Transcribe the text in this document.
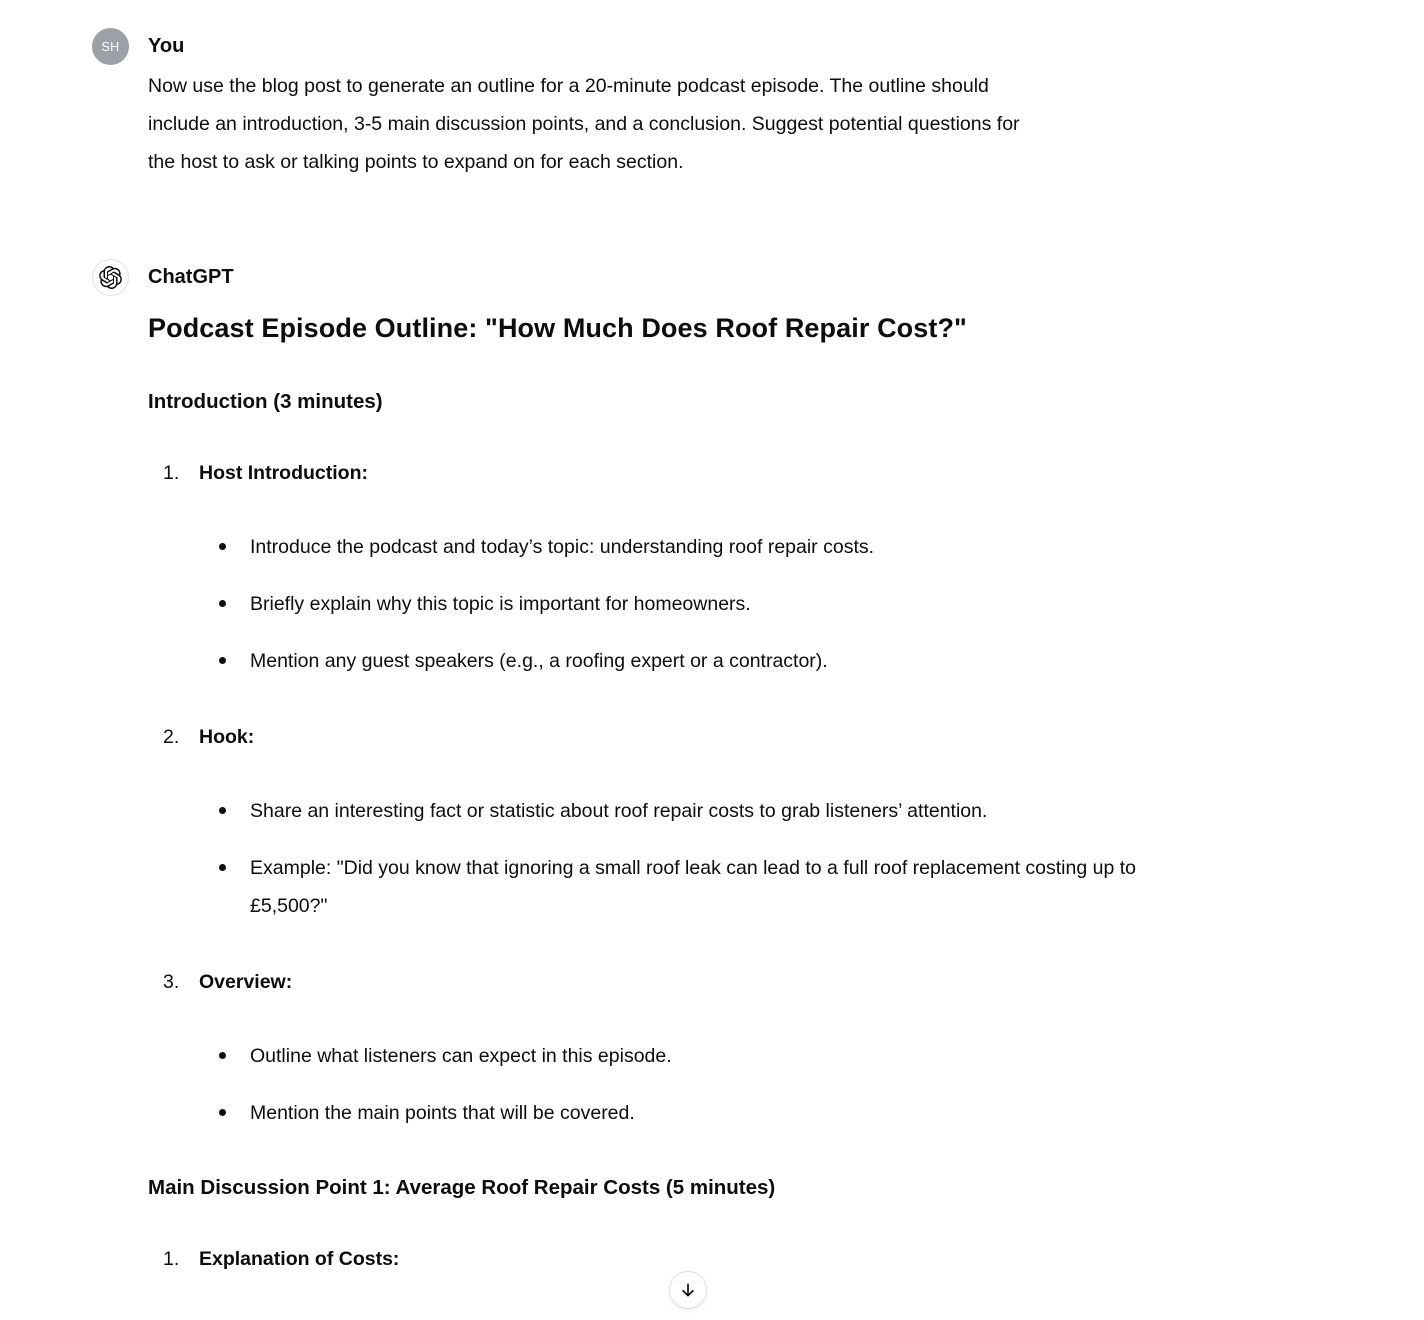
SH You

Now use the blog post to generate an outline for a 20-minute podcast episode. The outline should include an introduction, 3-5 main discussion points, and a conclusion. Suggest potential questions for the host to ask or talking points to expand on for each section.

ChatGPT
Podcast Episode Outline: "How Much Does Roof Repair Cost?"
Introduction (3 minutes)
1.	Host Introduction:
Introduce the podcast and today’s topic: understanding roof repair costs.
Briefly explain why this topic is important for homeowners.
Mention any guest speakers (e.g., a roofing expert or a contractor).
2.	Hook:
Share an interesting fact or statistic about roof repair costs to grab listeners’ attention.
Example: "Did you know that ignoring a small roof leak can lead to a full roof replacement costing up to £5,500?"
3.	Overview:
Outline what listeners can expect in this episode.
Mention the main points that will be covered.
Main Discussion Point 1: Average Roof Repair Costs (5 minutes)
1.	Explanation of Costs:
